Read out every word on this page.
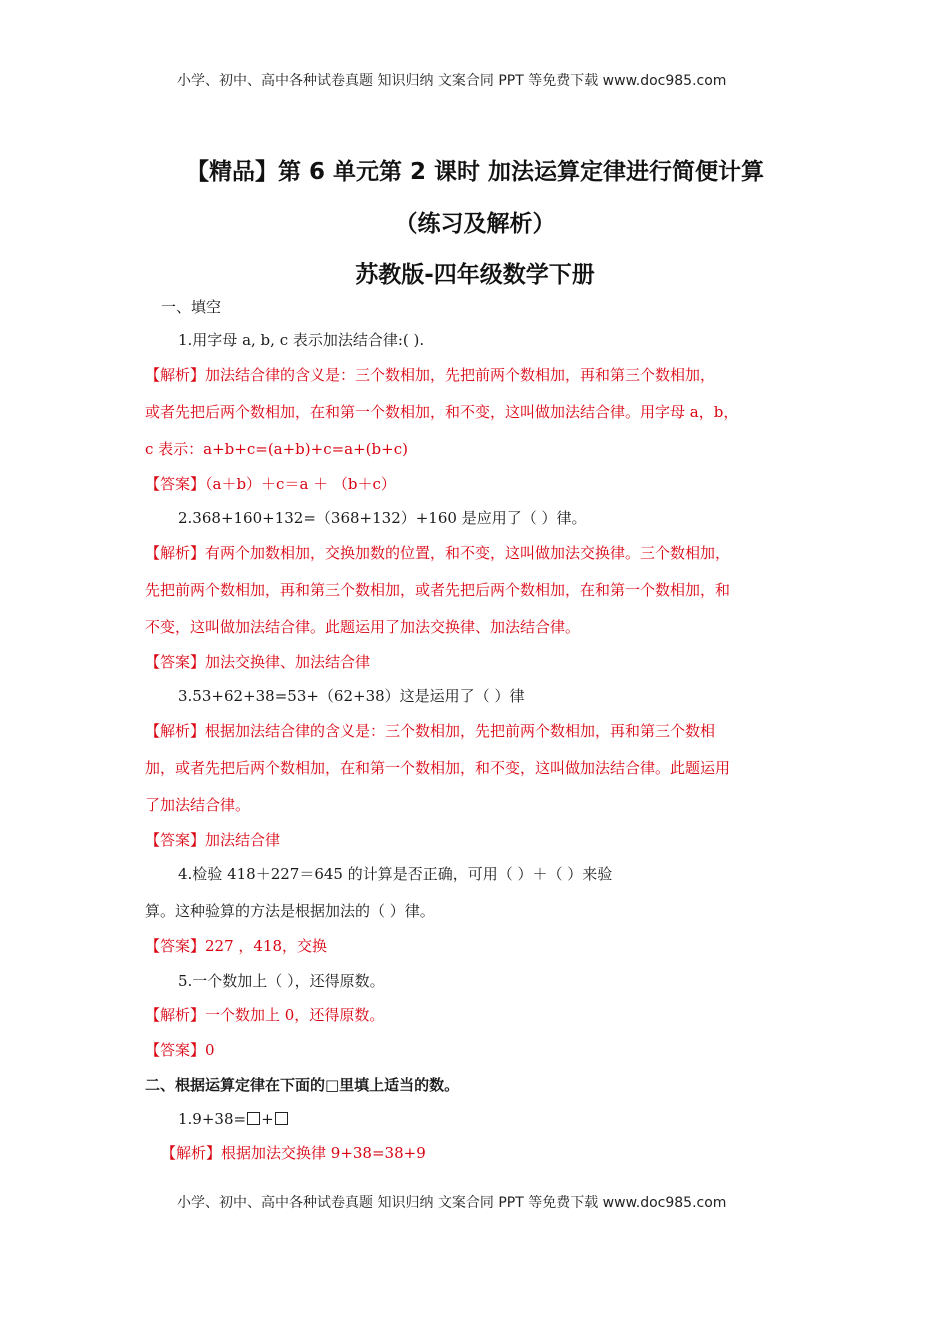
小学、初中、高中各种试卷真题 知识归纳 文案合同 PPT 等免费下载 www.doc985.com
【精品】第 6 单元第 2 课时 加法运算定律进行简便计算
（练习及解析）
苏教版-四年级数学下册
一、填空
1.用字母 a, b, c 表示加法结合律:( ).
【解析】加法结合律的含义是：三个数相加，先把前两个数相加，再和第三个数相加，
或者先把后两个数相加，在和第一个数相加，和不变，这叫做加法结合律。用字母 a，b，
c 表示：a+b+c=(a+b)+c=a+(b+c)
【答案】（a＋b）＋c＝a ＋ （b＋c）
2.368+160+132=（368+132）+160 是应用了（ ）律。
【解析】有两个加数相加，交换加数的位置，和不变，这叫做加法交换律。三个数相加，
先把前两个数相加，再和第三个数相加，或者先把后两个数相加，在和第一个数相加，和
不变，这叫做加法结合律。此题运用了加法交换律、加法结合律。
【答案】加法交换律、加法结合律
3.53+62+38=53+（62+38）这是运用了（ ）律
【解析】根据加法结合律的含义是：三个数相加，先把前两个数相加，再和第三个数相
加，或者先把后两个数相加，在和第一个数相加，和不变，这叫做加法结合律。此题运用
了加法结合律。
【答案】加法结合律
4.检验 418＋227＝645 的计算是否正确，可用（ ）＋（ ）来验
算。这种验算的方法是根据加法的（ ）律。
【答案】227 ，418，交换
5.一个数加上（ ），还得原数。
【解析】一个数加上 0，还得原数。
【答案】0
二、根据运算定律在下面的□里填上适当的数。
1.9+38= +
【解析】根据加法交换律 9+38=38+9
小学、初中、高中各种试卷真题 知识归纳 文案合同 PPT 等免费下载 www.doc985.com
